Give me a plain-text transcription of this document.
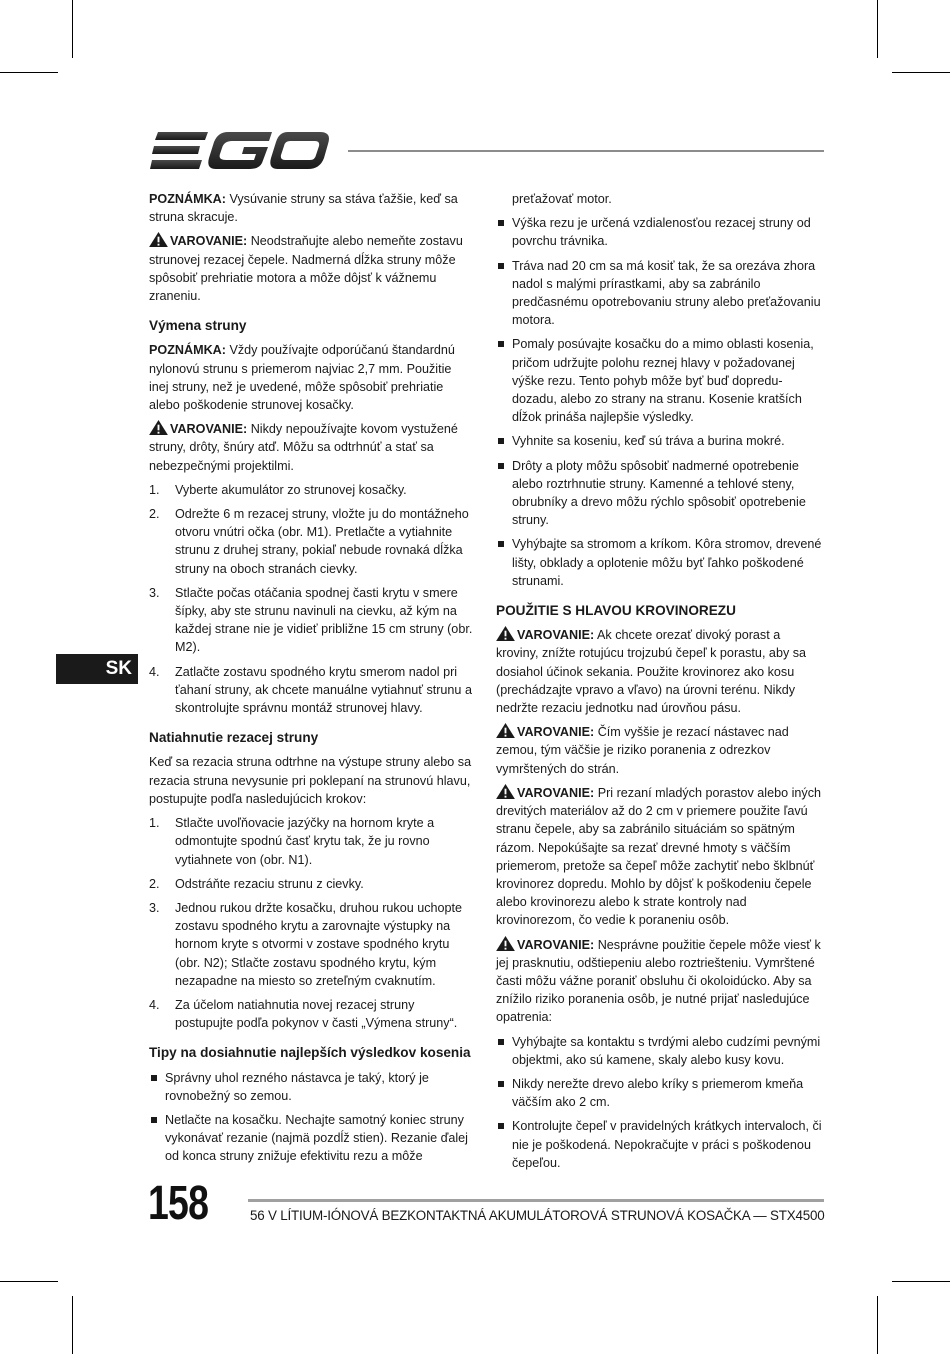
POZNÁMKA: Vysúvanie struny sa stáva ťažšie, keď sa struna skracuje.

VAROVANIE: Neodstraňujte alebo nemeňte zostavu strunovej rezacej čepele. Nadmerná dĺžka struny môže spôsobiť prehriatie motora a môže dôjsť k vážnemu zraneniu.

Výmena struny

POZNÁMKA: Vždy používajte odporúčanú štandardnú nylonovú strunu s priemerom najviac 2,7 mm. Použitie inej struny, než je uvedené, môže spôsobiť prehriatie alebo poškodenie strunovej kosačky.

VAROVANIE: Nikdy nepoužívajte kovom vystužené struny, drôty, šnúry atď. Môžu sa odtrhnúť a stať sa nebezpečnými projektilmi.

1. Vyberte akumulátor zo strunovej kosačky.
2. Odrežte 6 m rezacej struny, vložte ju do montážneho otvoru vnútri očka (obr. M1). Pretlačte a vytiahnite strunu z druhej strany, pokiaľ nebude rovnaká dĺžka struny na oboch stranách cievky.
3. Stlačte počas otáčania spodnej časti krytu v smere šípky, aby ste strunu navinuli na cievku, až kým na každej strane nie je vidieť približne 15 cm struny (obr. M2).
4. Zatlačte zostavu spodného krytu smerom nadol pri ťahaní struny, ak chcete manuálne vytiahnuť strunu a skontrolujte správnu montáž strunovej hlavy.
Natiahnutie rezacej struny

Keď sa rezacia struna odtrhne na výstupe struny alebo sa rezacia struna nevysunie pri poklepaní na strunovú hlavu, postupujte podľa nasledujúcich krokov:

1. Stlačte uvoľňovacie jazýčky na hornom kryte a odmontujte spodnú časť krytu tak, že ju rovno vytiahnete von (obr. N1).
2. Odstráňte rezaciu strunu z cievky.
3. Jednou rukou držte kosačku, druhou rukou uchopte zostavu spodného krytu a zarovnajte výstupky na hornom kryte s otvormi v zostave spodného krytu (obr. N2); Stlačte zostavu spodného krytu, kým nezapadne na miesto so zreteľným cvaknutím.
4. Za účelom natiahnutia novej rezacej struny postupujte podľa pokynov v časti „Výmena struny“.
Tipy na dosiahnutie najlepších výsledkov kosenia
Správny uhol rezného nástavca je taký, ktorý je rovnobežný so zemou.
Netlačte na kosačku. Nechajte samotný koniec struny vykonávať rezanie (najmä pozdĺž stien). Rezanie ďalej od konca struny znižuje efektivitu rezu a môže

preťažovať motor.

Výška rezu je určená vzdialenosťou rezacej struny od povrchu trávnika.
Tráva nad 20 cm sa má kosiť tak, že sa orezáva zhora nadol s malými prírastkami, aby sa zabránilo predčasnému opotrebovaniu struny alebo preťažovaniu motora.
Pomaly posúvajte kosačku do a mimo oblasti kosenia, pričom udržujte polohu reznej hlavy v požadovanej výške rezu. Tento pohyb môže byť buď dopredu-dozadu, alebo zo strany na stranu. Kosenie kratších dĺžok prináša najlepšie výsledky.
Vyhnite sa koseniu, keď sú tráva a burina mokré.
Drôty a ploty môžu spôsobiť nadmerné opotrebenie alebo roztrhnutie struny. Kamenné a tehlové steny, obrubníky a drevo môžu rýchlo spôsobiť opotrebenie struny.
Vyhýbajte sa stromom a kríkom. Kôra stromov, drevené lišty, obklady a oplotenie môžu byť ľahko poškodené strunami.
POUŽITIE S HLAVOU KROVINOREZU

VAROVANIE: Ak chcete orezať divoký porast a kroviny, znížte rotujúcu trojzubú čepeľ k porastu, aby sa dosiahol účinok sekania. Použite krovinorez ako kosu (prechádzajte vpravo a vľavo) na úrovni terénu. Nikdy nedržte rezaciu jednotku nad úrovňou pásu.

VAROVANIE: Čím vyššie je rezací nástavec nad zemou, tým väčšie je riziko poranenia z odrezkov vymrštených do strán.

VAROVANIE: Pri rezaní mladých porastov alebo iných drevitých materiálov až do 2 cm v priemere použite ľavú stranu čepele, aby sa zabránilo situáciám so spätným rázom. Nepokúšajte sa rezať drevné hmoty s väčším priemerom, pretože sa čepeľ môže zachytiť nebo šklbnúť krovinorez dopredu. Mohlo by dôjsť k poškodeniu čepele alebo krovinorezu alebo k strate kontroly nad krovinorezom, čo vedie k poraneniu osôb.

VAROVANIE: Nesprávne použitie čepele môže viesť k jej prasknutiu, odštiepeniu alebo roztriešteniu. Vymrštené časti môžu vážne poraniť obsluhu či okoloidúcko. Aby sa znížilo riziko poranenia osôb, je nutné prijať nasledujúce opatrenia:

Vyhýbajte sa kontaktu s tvrdými alebo cudzími pevnými objektmi, ako sú kamene, skaly alebo kusy kovu.
Nikdy nerežte drevo alebo kríky s priemerom kmeňa väčším ako 2 cm.
Kontrolujte čepeľ v pravidelných krátkych intervaloch, či nie je poškodená. Nepokračujte v práci s poškodenou čepeľou.
SK
158	56 V LÍTIUM-IÓNOVÁ BEZKONTAKTNÁ AKUMULÁTOROVÁ STRUNOVÁ KOSAČKA — STX4500
